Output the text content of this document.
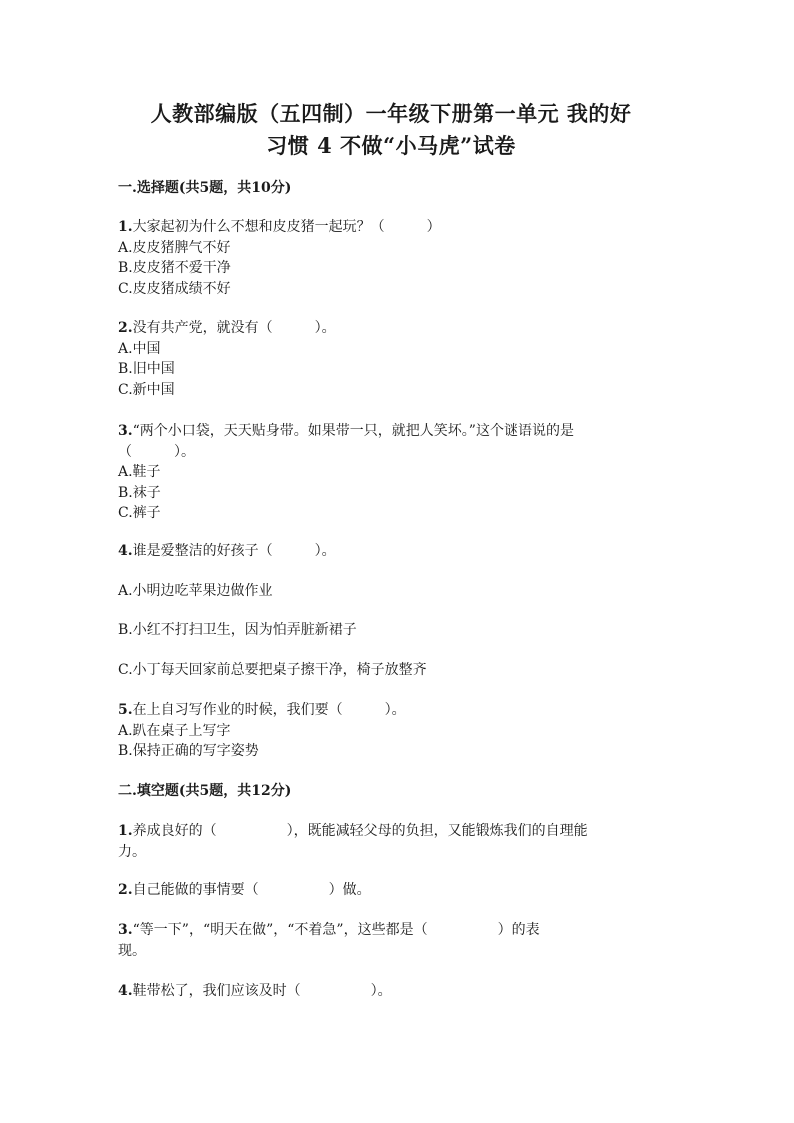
人教部编版（五四制）一年级下册第一单元 我的好
习惯 4 不做“小马虎”试卷

一.选择题(共5题，共10分)

1.大家起初为什么不想和皮皮猪一起玩？（　　　）

A.皮皮猪脾气不好

B.皮皮猪不爱干净

C.皮皮猪成绩不好

2.没有共产党，就没有（　　　）。

A.中国

B.旧中国

C.新中国

3.“两个小口袋，天天贴身带。如果带一只，就把人笑坏。”这个谜语说的是

（　　　）。

A.鞋子

B.袜子

C.裤子

4.谁是爱整洁的好孩子（　　　）。

A.小明边吃苹果边做作业

B.小红不打扫卫生，因为怕弄脏新裙子

C.小丁每天回家前总要把桌子擦干净，椅子放整齐

5.在上自习写作业的时候，我们要（　　　）。

A.趴在桌子上写字

B.保持正确的写字姿势

二.填空题(共5题，共12分)

1.养成良好的（　　　　　），既能减轻父母的负担，又能锻炼我们的自理能

力。

2.自己能做的事情要（　　　　　）做。

3.“等一下”，“明天在做”，“不着急”，这些都是（　　　　　）的表

现。

4.鞋带松了，我们应该及时（　　　　　）。
